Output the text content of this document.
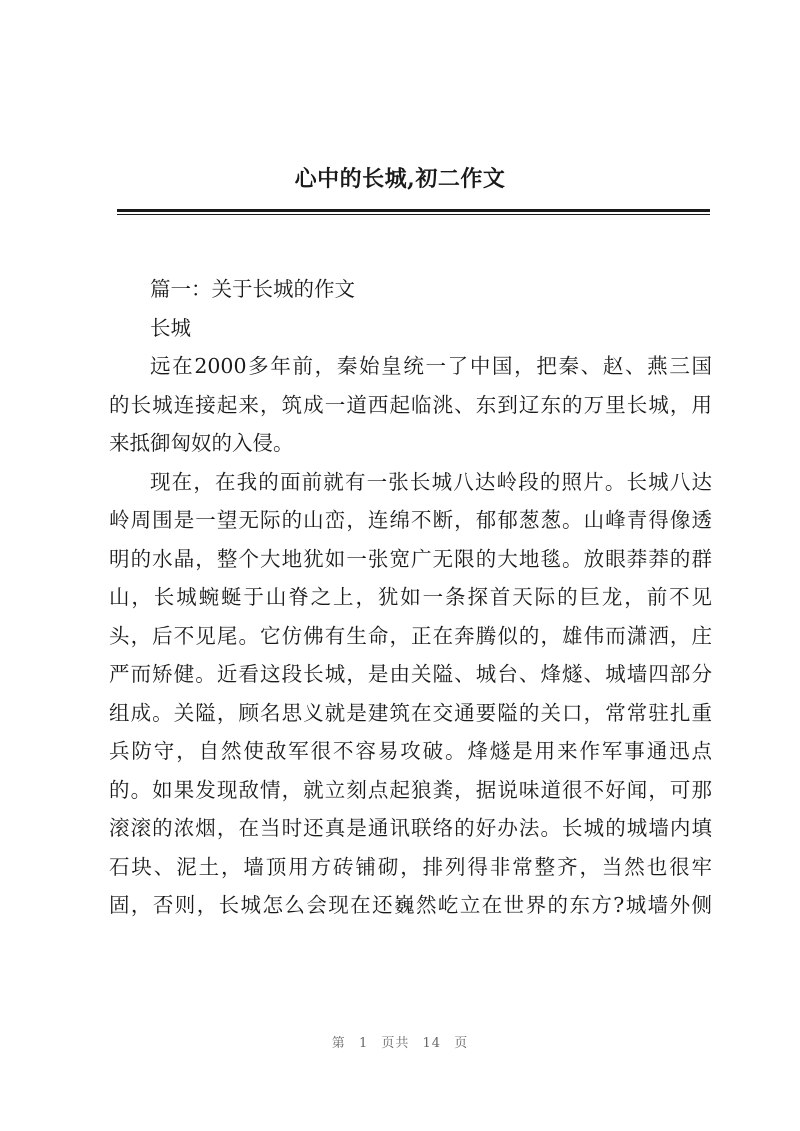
心中的长城,初二作文
篇一：关于长城的作文
长城
远在2000多年前，秦始皇统一了中国，把秦、赵、燕三国
的长城连接起来，筑成一道西起临洮、东到辽东的万里长城，用
来抵御匈奴的入侵。
现在，在我的面前就有一张长城八达岭段的照片。长城八达
岭周围是一望无际的山峦，连绵不断，郁郁葱葱。山峰青得像透
明的水晶，整个大地犹如一张宽广无限的大地毯。放眼莽莽的群
山，长城蜿蜒于山脊之上，犹如一条探首天际的巨龙，前不见
头，后不见尾。它仿佛有生命，正在奔腾似的，雄伟而潇洒，庄
严而矫健。近看这段长城，是由关隘、城台、烽燧、城墙四部分
组成。关隘，顾名思义就是建筑在交通要隘的关口，常常驻扎重
兵防守，自然使敌军很不容易攻破。烽燧是用来作军事通迅点
的。如果发现敌情，就立刻点起狼粪，据说味道很不好闻，可那
滚滚的浓烟，在当时还真是通讯联络的好办法。长城的城墙内填
石块、泥土，墙顶用方砖铺砌，排列得非常整齐，当然也很牢
固，否则，长城怎么会现在还巍然屹立在世界的东方?城墙外侧
第 1 页共 14 页
